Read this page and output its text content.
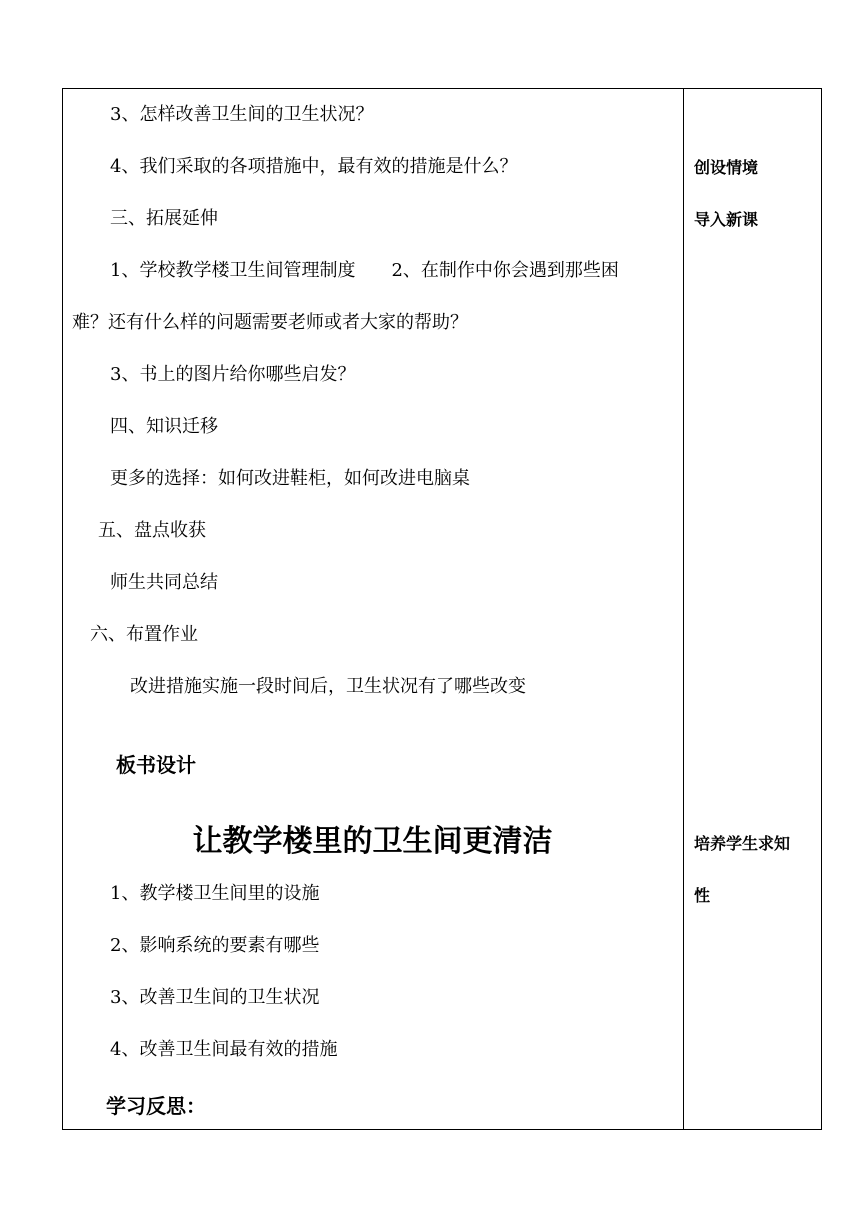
3、怎样改善卫生间的卫生状况？
4、我们采取的各项措施中，最有效的措施是什么？
三、拓展延伸
1、学校教学楼卫生间管理制度　　2、在制作中你会遇到那些困
难？还有什么样的问题需要老师或者大家的帮助？
3、书上的图片给你哪些启发？
四、知识迁移
更多的选择：如何改进鞋柜，如何改进电脑桌
五、盘点收获
师生共同总结
六、布置作业
改进措施实施一段时间后，卫生状况有了哪些改变
板书设计
让教学楼里的卫生间更清洁
1、教学楼卫生间里的设施
2、影响系统的要素有哪些
3、改善卫生间的卫生状况
4、改善卫生间最有效的措施
学习反思：
创设情境
导入新课
培养学生求知
性
